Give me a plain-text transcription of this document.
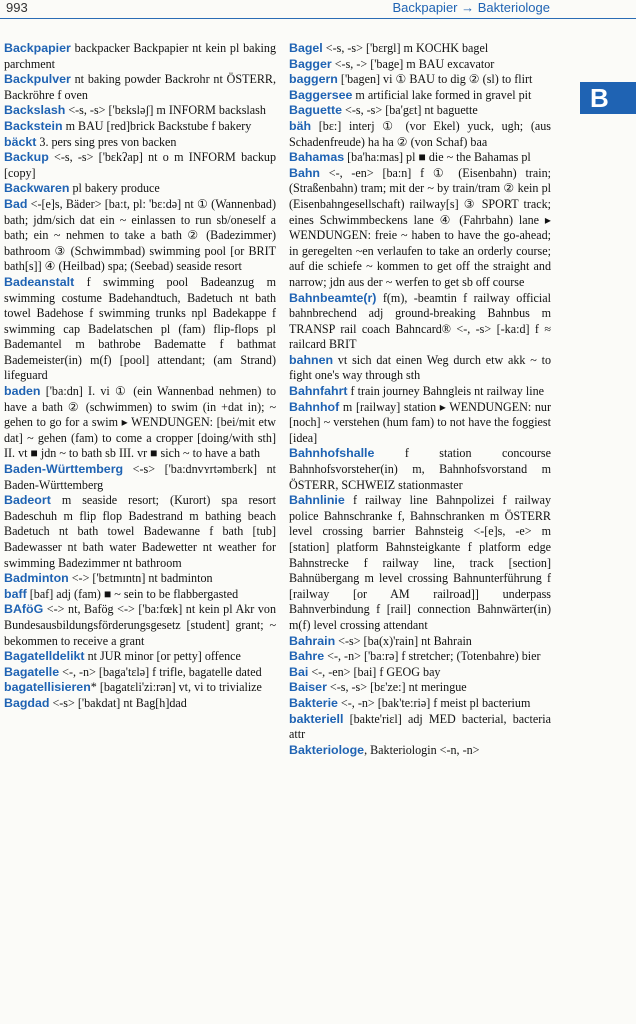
993	Backpapier → Bakteriologe
B

Backpapier backpacker Backpapier nt kein pl baking parchment

Backpulver nt baking powder Backrohr nt ÖSTERR, Backröhre f oven

Backslash <-s, -s> ['bɛksləʃ] m INFORM backslash

Backstein m BAU [red]brick Backstube f bakery

bäckt 3. pers sing pres von backen

Backup <-s, -s> ['bɛkʔap] nt o m INFORM backup [copy]

Backwaren pl bakery produce

Bad <-[e]s, Bäder> [ba:t, pl: 'bɛ:də] nt ① (Wannenbad) bath; jdm/sich dat ein ~ einlassen to run sb/oneself a bath; ein ~ nehmen to take a bath ② (Badezimmer) bathroom ③ (Schwimmbad) swimming pool [or BRIT bath[s]] ④ (Heilbad) spa; (Seebad) seaside resort

Badeanstalt f swimming pool Badeanzug m swimming costume Badehandtuch, Badetuch nt bath towel Badehose f swimming trunks npl Badekappe f swimming cap Badelatschen pl (fam) flip-flops pl Bademantel m bathrobe Badematte f bathmat Bademeister(in) m(f) [pool] attendant; (am Strand) lifeguard

baden ['ba:dn] I. vi ① (ein Wannenbad nehmen) to have a bath ② (schwimmen) to swim (in +dat in); ~ gehen to go for a swim ▸ WENDUNGEN: [bei/mit etw dat] ~ gehen (fam) to come a cropper [doing/with sth] II. vt ■ jdn ~ to bath sb III. vr ■ sich ~ to have a bath

Baden-Württemberg <-s> ['ba:dnvʏrtəmbɛrk] nt Baden-Württemberg

Badeort m seaside resort; (Kurort) spa resort Badeschuh m flip flop Badestrand m bathing beach Badetuch nt bath towel Badewanne f bath [tub] Badewasser nt bath water Badewetter nt weather for swimming Badezimmer nt bathroom

Badminton <-> ['bɛtmɪntn] nt badminton

baff [baf] adj (fam) ■ ~ sein to be flabbergasted

BAföG <-> nt, Bafög <-> ['ba:fœk] nt kein pl Akr von Bundesausbildungsförderungsgesetz [student] grant; ~ bekommen to receive a grant

Bagatelldelikt nt JUR minor [or petty] offence

Bagatelle <-, -n> [baga'tɛlə] f trifle, bagatelle dated

bagatellisieren* [bagatɛli'zi:rən] vt, vi to trivialize

Bagdad <-s> ['bakdat] nt Bag[h]dad

Bagel <-s, -s> ['bɛrgl] m KOCHK bagel

Bagger <-s, -> ['bage] m BAU excavator

baggern ['bagen] vi ① BAU to dig ② (sl) to flirt

Baggersee m artificial lake formed in gravel pit

Baguette <-s, -s> [ba'gɛt] nt baguette

bäh [bɛ:] interj ① (vor Ekel) yuck, ugh; (aus Schadenfreude) ha ha ② (von Schaf) baa

Bahamas [ba'ha:mas] pl ■ die ~ the Bahamas pl

Bahn <-, -en> [ba:n] f ① (Eisenbahn) train; (Straßenbahn) tram; mit der ~ by train/tram ② kein pl (Eisenbahngesellschaft) railway[s] ③ SPORT track; eines Schwimmbeckens lane ④ (Fahrbahn) lane ▸ WENDUNGEN: freie ~ haben to have the go-ahead; in geregelten ~en verlaufen to take an orderly course; auf die schiefe ~ kommen to get off the straight and narrow; jdn aus der ~ werfen to get sb off course

Bahnbeamte(r) f(m), -beamtin f railway official bahnbrechend adj ground-breaking Bahnbus m TRANSP rail coach Bahncard® <-, -s> [-ka:d] f ≈ railcard BRIT

bahnen vt sich dat einen Weg durch etw akk ~ to fight one's way through sth

Bahnfahrt f train journey Bahngleis nt railway line

Bahnhof m [railway] station ▸ WENDUNGEN: nur [noch] ~ verstehen (hum fam) to not have the foggiest [idea]

Bahnhofshalle f station concourse Bahnhofsvorsteher(in) m, Bahnhofsvorstand m ÖSTERR, SCHWEIZ stationmaster

Bahnlinie f railway line Bahnpolizei f railway police Bahnschranke f, Bahnschranken m ÖSTERR level crossing barrier Bahnsteig <-[e]s, -e> m [station] platform Bahnsteigkante f platform edge Bahnstrecke f railway line, track [section] Bahnübergang m level crossing Bahnunterführung f [railway [or AM railroad]] underpass Bahnverbindung f [rail] connection Bahnwärter(in) m(f) level crossing attendant

Bahrain <-s> [ba(x)'rain] nt Bahrain

Bahre <-, -n> ['ba:rə] f stretcher; (Totenbahre) bier

Bai <-, -en> [bai] f GEOG bay

Baiser <-s, -s> [bɛ'ze:] nt meringue

Bakterie <-, -n> [bak'te:riə] f meist pl bacterium

bakteriell [bakte'riɛl] adj MED bacterial, bacteria attr

Bakteriologe, Bakteriologin <-n, -n>
